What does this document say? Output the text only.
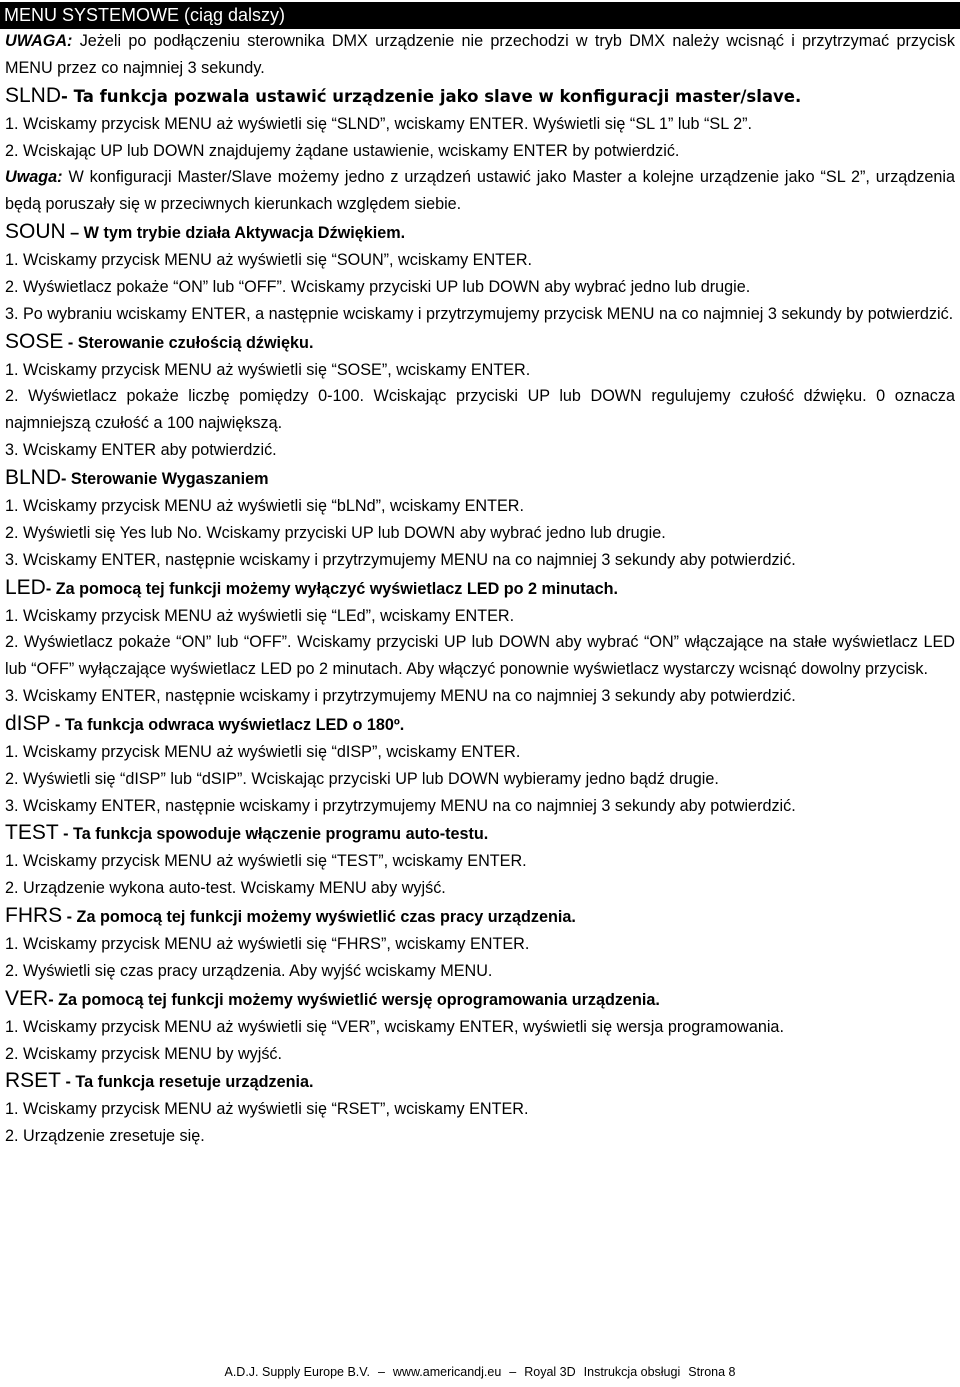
MENU SYSTEMOWE (ciąg dalszy)

UWAGA: Jeżeli po podłączeniu sterownika DMX urządzenie nie przechodzi w tryb DMX należy wcisnąć i przytrzymać przycisk MENU przez co najmniej 3 sekundy.

SLND- Ta funkcja pozwala ustawić urządzenie jako slave w konfiguracji master/slave.

1. Wciskamy przycisk MENU aż wyświetli się “SLND”, wciskamy ENTER. Wyświetli się “SL 1” lub “SL 2”.

2. Wciskając UP lub DOWN znajdujemy żądane ustawienie, wciskamy ENTER by potwierdzić.

Uwaga: W konfiguracji Master/Slave możemy jedno z urządzeń ustawić jako Master a kolejne urządzenie jako “SL 2”, urządzenia będą poruszały się w przeciwnych kierunkach względem siebie.

SOUN – W tym trybie działa Aktywacja Dźwiękiem.

1. Wciskamy przycisk MENU aż wyświetli się “SOUN”, wciskamy ENTER.

2. Wyświetlacz pokaże “ON” lub “OFF”. Wciskamy przyciski UP lub DOWN aby wybrać jedno lub drugie.

3. Po wybraniu wciskamy ENTER, a następnie wciskamy i przytrzymujemy przycisk MENU na co najmniej 3 sekundy by potwierdzić.

SOSE - Sterowanie czułością dźwięku.

1. Wciskamy przycisk MENU aż wyświetli się “SOSE”, wciskamy ENTER.

2. Wyświetlacz pokaże liczbę pomiędzy 0-100. Wciskając przyciski UP lub DOWN regulujemy czułość dźwięku. 0 oznacza najmniejszą czułość a 100 największą.

3. Wciskamy ENTER aby potwierdzić.

BLND- Sterowanie Wygaszaniem

1. Wciskamy przycisk MENU aż wyświetli się “bLNd”, wciskamy ENTER.

2. Wyświetli się Yes lub No. Wciskamy przyciski UP lub DOWN aby wybrać jedno lub drugie.

3. Wciskamy ENTER, następnie wciskamy i przytrzymujemy MENU na co najmniej 3 sekundy aby potwierdzić.

LED- Za pomocą tej funkcji możemy wyłączyć wyświetlacz LED po 2 minutach.

1. Wciskamy przycisk MENU aż wyświetli się “LEd”, wciskamy ENTER.

2. Wyświetlacz pokaże “ON” lub “OFF”. Wciskamy przyciski UP lub DOWN aby wybrać “ON” włączające na stałe wyświetlacz LED lub “OFF” wyłączające wyświetlacz LED po 2 minutach. Aby włączyć ponownie wyświetlacz wystarczy wcisnąć dowolny przycisk.

3. Wciskamy ENTER, następnie wciskamy i przytrzymujemy MENU na co najmniej 3 sekundy aby potwierdzić.

dISP - Ta funkcja odwraca wyświetlacz LED o 180º.

1. Wciskamy przycisk MENU aż wyświetli się “dISP”, wciskamy ENTER.

2. Wyświetli się “dISP” lub “dSIP”. Wciskając przyciski UP lub DOWN wybieramy jedno bądź drugie.

3. Wciskamy ENTER, następnie wciskamy i przytrzymujemy MENU na co najmniej 3 sekundy aby potwierdzić.

TEST - Ta funkcja spowoduje włączenie programu auto-testu.

1. Wciskamy przycisk MENU aż wyświetli się “TEST”, wciskamy ENTER.

2. Urządzenie wykona auto-test. Wciskamy MENU aby wyjść.

FHRS - Za pomocą tej funkcji możemy wyświetlić czas pracy urządzenia.

1. Wciskamy przycisk MENU aż wyświetli się “FHRS”, wciskamy ENTER.

2. Wyświetli się czas pracy urządzenia. Aby wyjść wciskamy MENU.

VER- Za pomocą tej funkcji możemy wyświetlić wersję oprogramowania urządzenia.

1. Wciskamy przycisk MENU aż wyświetli się “VER”, wciskamy ENTER, wyświetli się wersja programowania.

2. Wciskamy przycisk MENU by wyjść.

RSET - Ta funkcja resetuje urządzenia.

1. Wciskamy przycisk MENU aż wyświetli się “RSET”, wciskamy ENTER.

2. Urządzenie zresetuje się.

A.D.J. Supply Europe B.V. – www.americandj.eu – Royal 3D Instrukcja obsługi Strona 8
